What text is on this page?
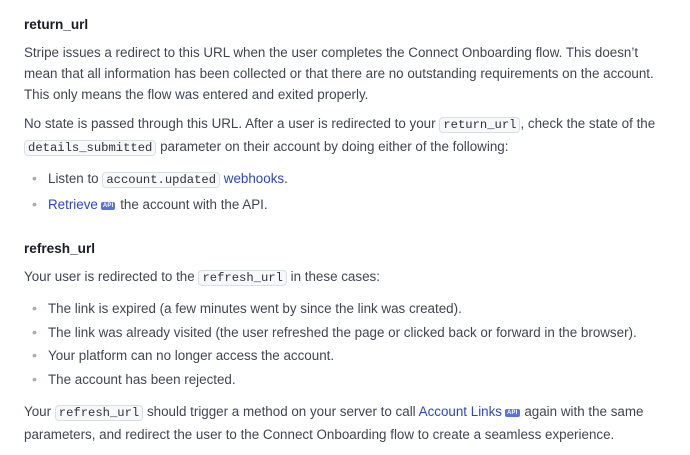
return_url

Stripe issues a redirect to this URL when the user completes the Connect Onboarding flow. This doesn’t mean that all information has been collected or that there are no outstanding requirements on the account. This only means the flow was entered and exited properly.

No state is passed through this URL. After a user is redirected to your return_url , check the state of the details_submitted parameter on their account by doing either of the following:

• Listen to account.updated webhooks.
• Retrieve API the account with the API.
refresh_url

Your user is redirected to the refresh_url in these cases:

• The link is expired (a few minutes went by since the link was created).
• The link was already visited (the user refreshed the page or clicked back or forward in the browser).
• Your platform can no longer access the account.
• The account has been rejected.

Your refresh_url should trigger a method on your server to call Account Links API again with the same parameters, and redirect the user to the Connect Onboarding flow to create a seamless experience.
